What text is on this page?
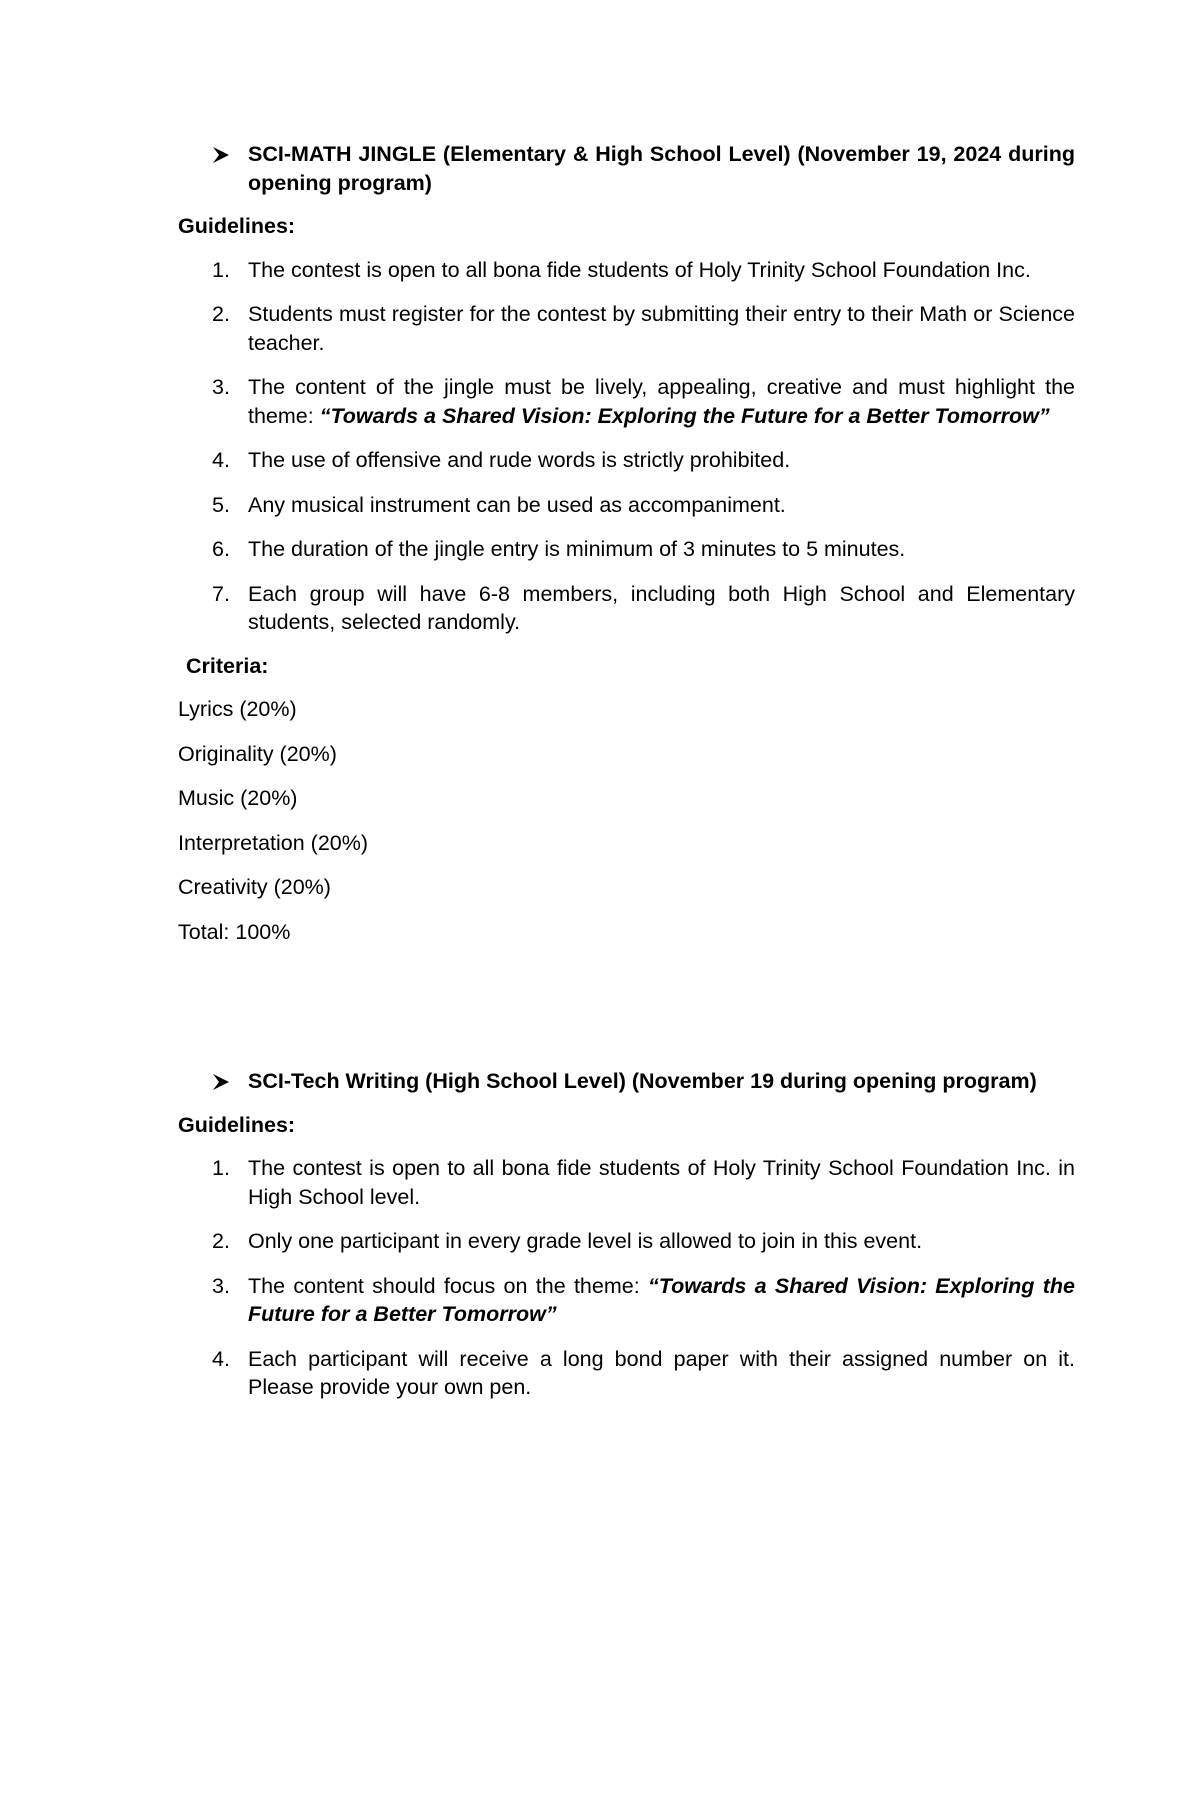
SCI-MATH JINGLE (Elementary & High School Level) (November 19, 2024 during opening program)

Guidelines:

1. The contest is open to all bona fide students of Holy Trinity School Foundation Inc.
2. Students must register for the contest by submitting their entry to their Math or Science teacher.
3. The content of the jingle must be lively, appealing, creative and must highlight the theme: “Towards a Shared Vision: Exploring the Future for a Better Tomorrow”
4. The use of offensive and rude words is strictly prohibited.
5. Any musical instrument can be used as accompaniment.
6. The duration of the jingle entry is minimum of 3 minutes to 5 minutes.
7. Each group will have 6-8 members, including both High School and Elementary students, selected randomly.

Criteria:

Lyrics (20%)

Originality (20%)

Music (20%)

Interpretation (20%)

Creativity (20%)

Total: 100%

SCI-Tech Writing (High School Level) (November 19 during opening program)

Guidelines:

1. The contest is open to all bona fide students of Holy Trinity School Foundation Inc. in High School level.
2. Only one participant in every grade level is allowed to join in this event.
3. The content should focus on the theme: “Towards a Shared Vision: Exploring the Future for a Better Tomorrow”
4. Each participant will receive a long bond paper with their assigned number on it. Please provide your own pen.
